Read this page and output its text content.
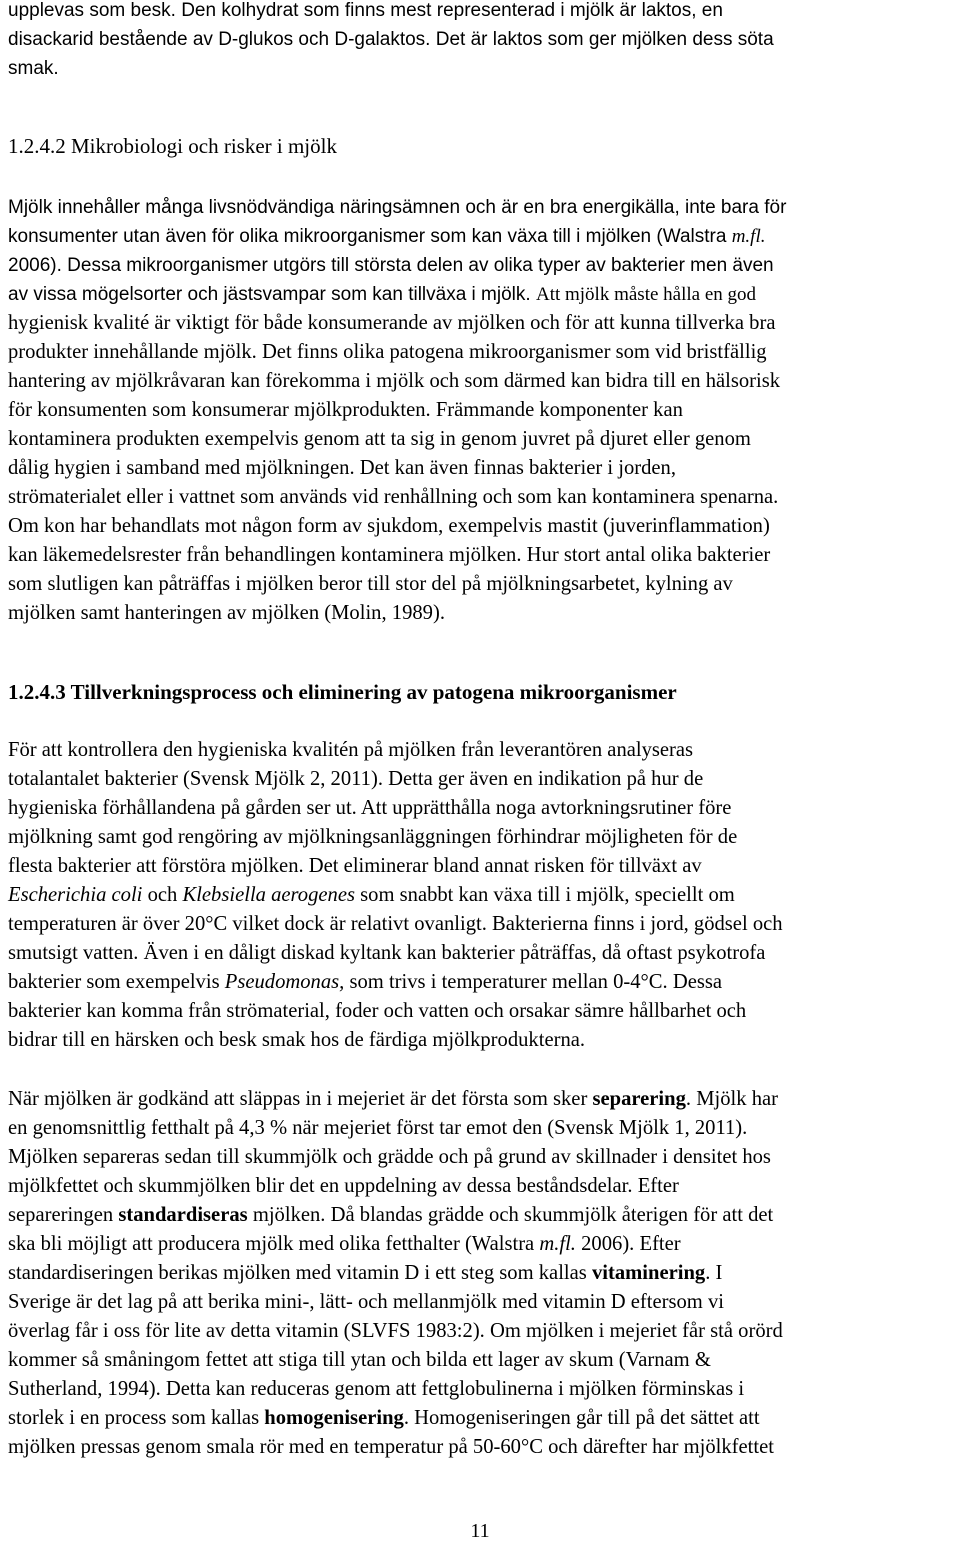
upplevas som besk. Den kolhydrat som finns mest representerad i mjölk är laktos, en

disackarid bestående av D-glukos och D-galaktos. Det är laktos som ger mjölken dess söta

smak.

1.2.4.2 Mikrobiologi och risker i mjölk

Mjölk innehåller många livsnödvändiga näringsämnen och är en bra energikälla, inte bara för

konsumenter utan även för olika mikroorganismer som kan växa till i mjölken (Walstra m.fl.

2006). Dessa mikroorganismer utgörs till största delen av olika typer av bakterier men även

av vissa mögelsorter och jästsvampar som kan tillväxa i mjölk. Att mjölk måste hålla en god

hygienisk kvalité är viktigt för både konsumerande av mjölken och för att kunna tillverka bra

produkter innehållande mjölk. Det finns olika patogena mikroorganismer som vid bristfällig

hantering av mjölkråvaran kan förekomma i mjölk och som därmed kan bidra till en hälsorisk

för konsumenten som konsumerar mjölkprodukten. Främmande komponenter kan

kontaminera produkten exempelvis genom att ta sig in genom juvret på djuret eller genom

dålig hygien i samband med mjölkningen. Det kan även finnas bakterier i jorden,

strömaterialet eller i vattnet som används vid renhållning och som kan kontaminera spenarna.

Om kon har behandlats mot någon form av sjukdom, exempelvis mastit (juverinflammation)

kan läkemedelsrester från behandlingen kontaminera mjölken. Hur stort antal olika bakterier

som slutligen kan påträffas i mjölken beror till stor del på mjölkningsarbetet, kylning av

mjölken samt hanteringen av mjölken (Molin, 1989).

1.2.4.3 Tillverkningsprocess och eliminering av patogena mikroorganismer

För att kontrollera den hygieniska kvalitén på mjölken från leverantören analyseras

totalantalet bakterier (Svensk Mjölk 2, 2011). Detta ger även en indikation på hur de

hygieniska förhållandena på gården ser ut. Att upprätthålla noga avtorkningsrutiner före

mjölkning samt god rengöring av mjölkningsanläggningen förhindrar möjligheten för de

flesta bakterier att förstöra mjölken. Det eliminerar bland annat risken för tillväxt av

Escherichia coli och Klebsiella aerogenes som snabbt kan växa till i mjölk, speciellt om

temperaturen är över 20°C vilket dock är relativt ovanligt. Bakterierna finns i jord, gödsel och

smutsigt vatten. Även i en dåligt diskad kyltank kan bakterier påträffas, då oftast psykotrofa

bakterier som exempelvis Pseudomonas, som trivs i temperaturer mellan 0-4°C. Dessa

bakterier kan komma från strömaterial, foder och vatten och orsakar sämre hållbarhet och

bidrar till en härsken och besk smak hos de färdiga mjölkprodukterna.

När mjölken är godkänd att släppas in i mejeriet är det första som sker separering. Mjölk har

en genomsnittlig fetthalt på 4,3 % när mejeriet först tar emot den (Svensk Mjölk 1, 2011).

Mjölken separeras sedan till skummjölk och grädde och på grund av skillnader i densitet hos

mjölkfettet och skummjölken blir det en uppdelning av dessa beståndsdelar. Efter

separeringen standardiseras mjölken. Då blandas grädde och skummjölk återigen för att det

ska bli möjligt att producera mjölk med olika fetthalter (Walstra m.fl. 2006). Efter

standardiseringen berikas mjölken med vitamin D i ett steg som kallas vitaminering. I

Sverige är det lag på att berika mini-, lätt- och mellanmjölk med vitamin D eftersom vi

överlag får i oss för lite av detta vitamin (SLVFS 1983:2). Om mjölken i mejeriet får stå orörd

kommer så småningom fettet att stiga till ytan och bilda ett lager av skum (Varnam &

Sutherland, 1994). Detta kan reduceras genom att fettglobulinerna i mjölken förminskas i

storlek i en process som kallas homogenisering. Homogeniseringen går till på det sättet att

mjölken pressas genom smala rör med en temperatur på 50-60°C och därefter har mjölkfettet

11
